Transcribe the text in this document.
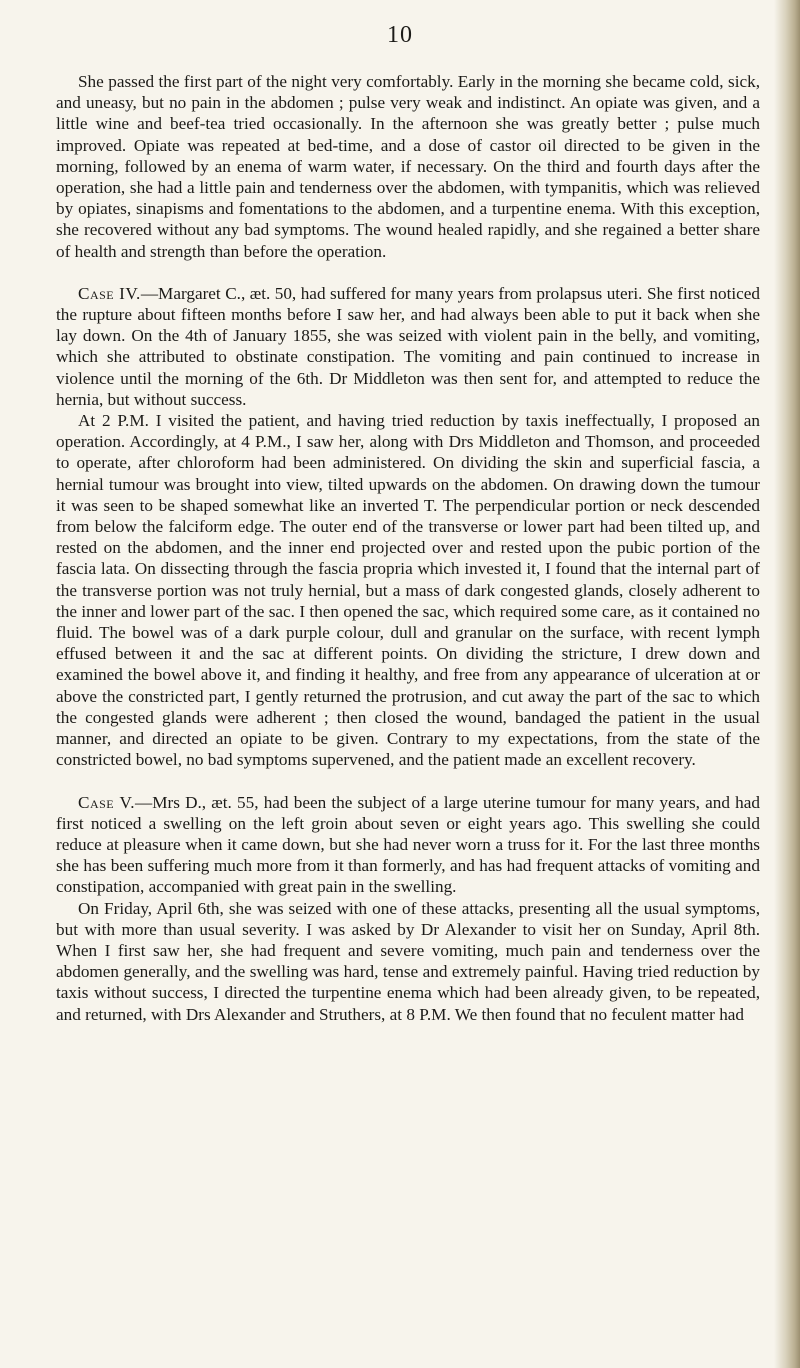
10

She passed the first part of the night very comfortably. Early in the morning she became cold, sick, and uneasy, but no pain in the abdomen ; pulse very weak and indistinct. An opiate was given, and a little wine and beef-tea tried occasionally. In the afternoon she was greatly better ; pulse much improved. Opiate was repeated at bed-time, and a dose of castor oil directed to be given in the morning, followed by an enema of warm water, if necessary. On the third and fourth days after the operation, she had a little pain and tenderness over the abdomen, with tympanitis, which was relieved by opiates, sinapisms and fomentations to the abdomen, and a turpentine enema. With this exception, she recovered without any bad symptoms. The wound healed rapidly, and she regained a better share of health and strength than before the operation.

Case IV.—Margaret C., æt. 50, had suffered for many years from prolapsus uteri. She first noticed the rupture about fifteen months before I saw her, and had always been able to put it back when she lay down. On the 4th of January 1855, she was seized with violent pain in the belly, and vomiting, which she attributed to obstinate constipation. The vomiting and pain continued to increase in violence until the morning of the 6th. Dr Middleton was then sent for, and attempted to reduce the hernia, but without success.

At 2 P.M. I visited the patient, and having tried reduction by taxis ineffectually, I proposed an operation. Accordingly, at 4 P.M., I saw her, along with Drs Middleton and Thomson, and proceeded to operate, after chloroform had been administered. On dividing the skin and superficial fascia, a hernial tumour was brought into view, tilted upwards on the abdomen. On drawing down the tumour it was seen to be shaped somewhat like an inverted T. The perpendicular portion or neck descended from below the falciform edge. The outer end of the transverse or lower part had been tilted up, and rested on the abdomen, and the inner end projected over and rested upon the pubic portion of the fascia lata. On dissecting through the fascia propria which invested it, I found that the internal part of the transverse portion was not truly hernial, but a mass of dark congested glands, closely adherent to the inner and lower part of the sac. I then opened the sac, which required some care, as it contained no fluid. The bowel was of a dark purple colour, dull and granular on the surface, with recent lymph effused between it and the sac at different points. On dividing the stricture, I drew down and examined the bowel above it, and finding it healthy, and free from any appearance of ulceration at or above the constricted part, I gently returned the protrusion, and cut away the part of the sac to which the congested glands were adherent ; then closed the wound, bandaged the patient in the usual manner, and directed an opiate to be given. Contrary to my expectations, from the state of the constricted bowel, no bad symptoms supervened, and the patient made an excellent recovery.

Case V.—Mrs D., æt. 55, had been the subject of a large uterine tumour for many years, and had first noticed a swelling on the left groin about seven or eight years ago. This swelling she could reduce at pleasure when it came down, but she had never worn a truss for it. For the last three months she has been suffering much more from it than formerly, and has had frequent attacks of vomiting and constipation, accompanied with great pain in the swelling.

On Friday, April 6th, she was seized with one of these attacks, presenting all the usual symptoms, but with more than usual severity. I was asked by Dr Alexander to visit her on Sunday, April 8th. When I first saw her, she had frequent and severe vomiting, much pain and tenderness over the abdomen generally, and the swelling was hard, tense and extremely painful. Having tried reduction by taxis without success, I directed the turpentine enema which had been already given, to be repeated, and returned, with Drs Alexander and Struthers, at 8 P.M. We then found that no feculent matter had
